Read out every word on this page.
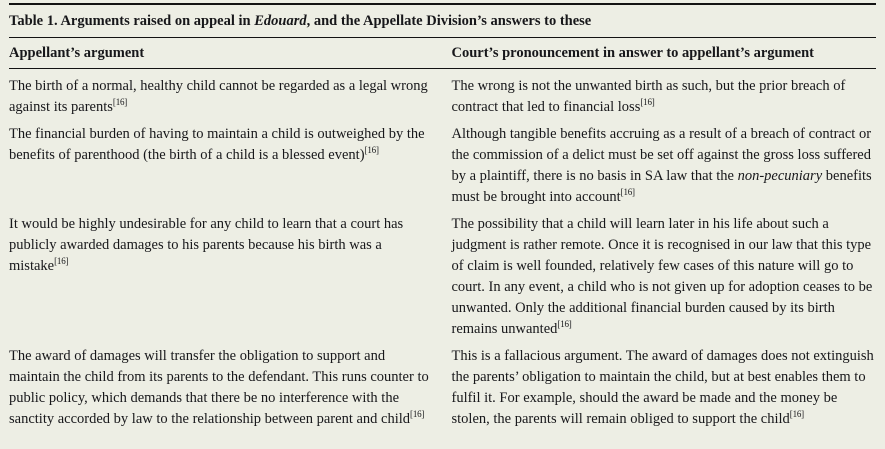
Table 1. Arguments raised on appeal in Edouard, and the Appellate Division’s answers to these
Appellant’s argument	Court’s pronouncement in answer to appellant’s argument
The birth of a normal, healthy child cannot be regarded as a legal wrong against its parents[16]
The wrong is not the unwanted birth as such, but the prior breach of contract that led to financial loss[16]
The financial burden of having to maintain a child is outweighed by the benefits of parenthood (the birth of a child is a blessed event)[16]
Although tangible benefits accruing as a result of a breach of contract or the commission of a delict must be set off against the gross loss suffered by a plaintiff, there is no basis in SA law that the non-pecuniary benefits must be brought into account[16]
It would be highly undesirable for any child to learn that a court has publicly awarded damages to his parents because his birth was a mistake[16]
The possibility that a child will learn later in his life about such a judgment is rather remote. Once it is recognised in our law that this type of claim is well founded, relatively few cases of this nature will go to court. In any event, a child who is not given up for adoption ceases to be unwanted. Only the additional financial burden caused by its birth remains unwanted[16]
The award of damages will transfer the obligation to support and maintain the child from its parents to the defendant. This runs counter to public policy, which demands that there be no interference with the sanctity accorded by law to the relationship between parent and child[16]
This is a fallacious argument. The award of damages does not extinguish the parents’ obligation to maintain the child, but at best enables them to fulfil it. For example, should the award be made and the money be stolen, the parents will remain obliged to support the child[16]
